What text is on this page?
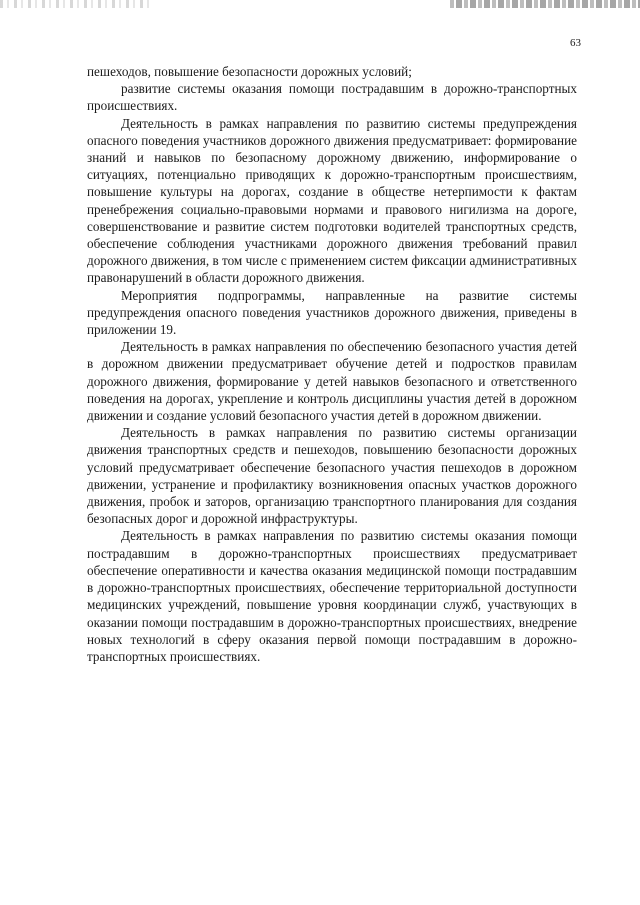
63

пешеходов, повышение безопасности дорожных условий;

развитие системы оказания помощи пострадавшим в дорожно-транспортных происшествиях.

Деятельность в рамках направления по развитию системы предупреждения опасного поведения участников дорожного движения предусматривает: формирование знаний и навыков по безопасному дорожному движению, информирование о ситуациях, потенциально приводящих к дорожно-транспортным происшествиям, повышение культуры на дорогах, создание в обществе нетерпимости к фактам пренебрежения социально-правовыми нормами и правового нигилизма на дороге, совершенствование и развитие систем подготовки водителей транспортных средств, обеспечение соблюдения участниками дорожного движения требований правил дорожного движения, в том числе с применением систем фиксации административных правонарушений в области дорожного движения.

Мероприятия подпрограммы, направленные на развитие системы предупреждения опасного поведения участников дорожного движения, приведены в приложении 19.

Деятельность в рамках направления по обеспечению безопасного участия детей в дорожном движении предусматривает обучение детей и подростков правилам дорожного движения, формирование у детей навыков безопасного и ответственного поведения на дорогах, укрепление и контроль дисциплины участия детей в дорожном движении и создание условий безопасного участия детей в дорожном движении.

Деятельность в рамках направления по развитию системы организации движения транспортных средств и пешеходов, повышению безопасности дорожных условий предусматривает обеспечение безопасного участия пешеходов в дорожном движении, устранение и профилактику возникновения опасных участков дорожного движения, пробок и заторов, организацию транспортного планирования для создания безопасных дорог и дорожной инфраструктуры.

Деятельность в рамках направления по развитию системы оказания помощи пострадавшим в дорожно-транспортных происшествиях предусматривает обеспечение оперативности и качества оказания медицинской помощи пострадавшим в дорожно-транспортных происшествиях, обеспечение территориальной доступности медицинских учреждений, повышение уровня координации служб, участвующих в оказании помощи пострадавшим в дорожно-транспортных происшествиях, внедрение новых технологий в сферу оказания первой помощи пострадавшим в дорожно-транспортных происшествиях.
